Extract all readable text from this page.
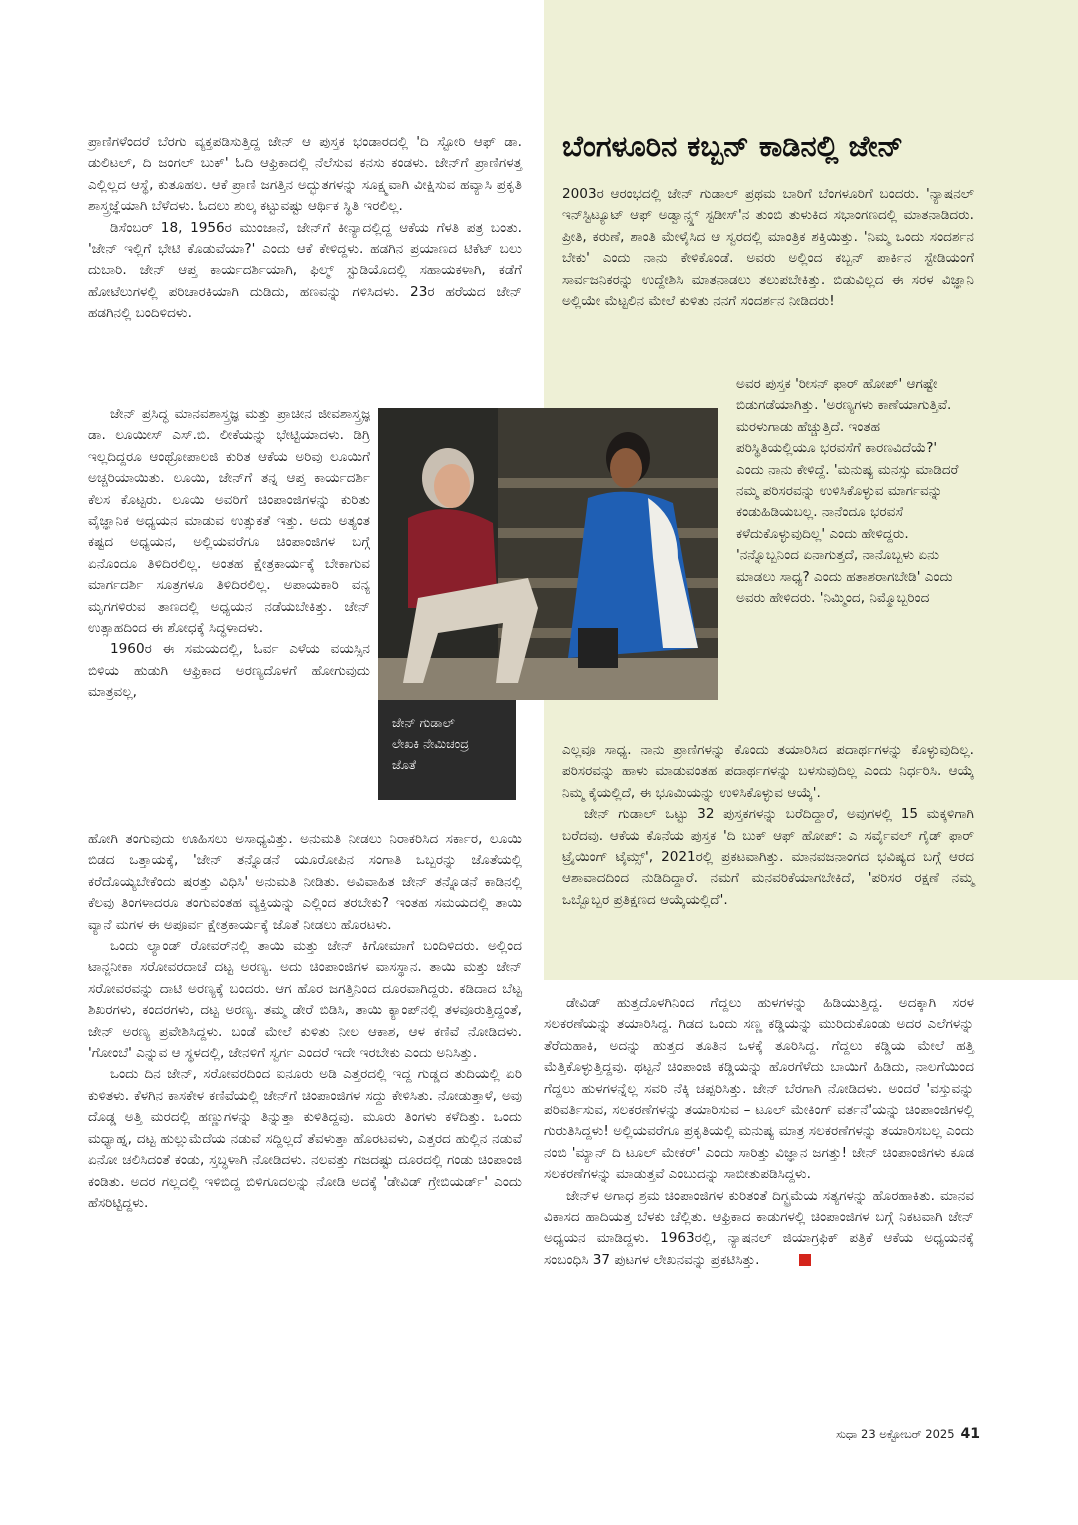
ಪ್ರಾಣಿಗಳೆಂದರೆ ಬೆರಗು ವ್ಯಕ್ತಪಡಿಸುತ್ತಿದ್ದ ಜೇನ್ ಆ ಪುಸ್ತಕ ಭಂಡಾರದಲ್ಲಿ 'ದಿ ಸ್ಟೋರಿ ಆಫ್ ಡಾ. ಡುಲಿಟಲ್, ದಿ ಜಂಗಲ್ ಬುಕ್' ಓದಿ ಆಫ್ರಿಕಾದಲ್ಲಿ ನೆಲೆಸುವ ಕನಸು ಕಂಡಳು. ಜೇನ್‌ಗೆ ಪ್ರಾಣಿಗಳತ್ತ ಎಲ್ಲಿಲ್ಲದ ಆಸ್ಥೆ, ಕುತೂಹಲ. ಆಕೆ ಪ್ರಾಣಿ ಜಗತ್ತಿನ ಅದ್ಭುತಗಳನ್ನು ಸೂಕ್ಷ್ಮವಾಗಿ ವೀಕ್ಷಿಸುವ ಹವ್ಯಾಸಿ ಪ್ರಕೃತಿ ಶಾಸ್ತ್ರಜ್ಞೆಯಾಗಿ ಬೆಳೆದಳು. ಓದಲು ಶುಲ್ಕ ಕಟ್ಟುವಷ್ಟು ಆರ್ಥಿಕ ಸ್ಥಿತಿ ಇರಲಿಲ್ಲ.

ಡಿಸೆಂಬರ್ 18, 1956ರ ಮುಂಜಾನೆ, ಜೇನ್‌ಗೆ ಕೀನ್ಯಾದಲ್ಲಿದ್ದ ಆಕೆಯ ಗೆಳತಿ ಪತ್ರ ಬಂತು. 'ಜೇನ್ ಇಲ್ಲಿಗೆ ಭೇಟಿ ಕೊಡುವೆಯಾ?' ಎಂದು ಆಕೆ ಕೇಳಿದ್ದಳು. ಹಡಗಿನ ಪ್ರಯಾಣದ ಟಿಕೆಟ್ ಬಲು ದುಬಾರಿ. ಜೇನ್ ಆಪ್ತ ಕಾರ್ಯದರ್ಶಿಯಾಗಿ, ಫಿಲ್ಮ್ ಸ್ಟುಡಿಯೊದಲ್ಲಿ ಸಹಾಯಕಳಾಗಿ, ಕಡೆಗೆ ಹೋಟೆಲುಗಳಲ್ಲಿ ಪರಿಚಾರಕಿಯಾಗಿ ದುಡಿದು, ಹಣವನ್ನು ಗಳಿಸಿದಳು. 23ರ ಹರೆಯದ ಜೇನ್ ಹಡಗಿನಲ್ಲಿ ಬಂದಿಳಿದಳು.

ಜೇನ್ ಪ್ರಸಿದ್ಧ ಮಾನವಶಾಸ್ತ್ರಜ್ಞ ಮತ್ತು ಪ್ರಾಚೀನ ಜೀವಶಾಸ್ತ್ರಜ್ಞ ಡಾ. ಲೂಯೀಸ್ ಎಸ್.ಬಿ. ಲೀಕೆಯನ್ನು ಭೇಟ್ಟಿಯಾದಳು. ಡಿಗ್ರಿ ಇಲ್ಲದಿದ್ದರೂ ಆಂಥ್ರೋಪಾಲಜಿ ಕುರಿತ ಆಕೆಯ ಅರಿವು ಲೂಯಿಗೆ ಅಚ್ಚರಿಯಾಯಿತು. ಲೂಯಿ, ಜೇನ್‌ಗೆ ತನ್ನ ಆಪ್ತ ಕಾರ್ಯದರ್ಶಿ ಕೆಲಸ ಕೊಟ್ಟರು. ಲೂಯಿ ಅವರಿಗೆ ಚಿಂಪಾಂಜಿಗಳನ್ನು ಕುರಿತು ವೈಜ್ಞಾನಿಕ ಅಧ್ಯಯನ ಮಾಡುವ ಉತ್ಸುಕತೆ ಇತ್ತು. ಅದು ಅತ್ಯಂತ ಕಷ್ಟದ ಅಧ್ಯಯನ, ಅಲ್ಲಿಯವರೆಗೂ ಚಿಂಪಾಂಜಿಗಳ ಬಗ್ಗೆ ಏನೊಂದೂ ತಿಳಿದಿರಲಿಲ್ಲ. ಅಂತಹ ಕ್ಷೇತ್ರಕಾರ್ಯಕ್ಕೆ ಬೇಕಾಗುವ ಮಾರ್ಗದರ್ಶಿ ಸೂತ್ರಗಳೂ ತಿಳಿದಿರಲಿಲ್ಲ. ಅಪಾಯಕಾರಿ ವನ್ಯ ಮೃಗಗಳಿರುವ ತಾಣದಲ್ಲಿ ಅಧ್ಯಯನ ನಡೆಯಬೇಕಿತ್ತು. ಜೇನ್ ಉತ್ಸಾಹದಿಂದ ಈ ಶೋಧಕ್ಕೆ ಸಿದ್ಧಳಾದಳು.

1960ರ ಈ ಸಮಯದಲ್ಲಿ, ಓರ್ವ ಎಳೆಯ ವಯಸ್ಸಿನ ಬಿಳಿಯ ಹುಡುಗಿ ಆಫ್ರಿಕಾದ ಅರಣ್ಯದೊಳಗೆ ಹೋಗುವುದು ಮಾತ್ರವಲ್ಲ,

ಹೋಗಿ ತಂಗುವುದು ಊಹಿಸಲು ಅಸಾಧ್ಯವಿತ್ತು. ಅನುಮತಿ ನೀಡಲು ನಿರಾಕರಿಸಿದ ಸರ್ಕಾರ, ಲೂಯಿ ಬಿಡದ ಒತ್ತಾಯಕ್ಕೆ, 'ಜೇನ್ ತನ್ನೊಡನೆ ಯೂರೋಪಿನ ಸಂಗಾತಿ ಒಬ್ಬರನ್ನು ಜೊತೆಯಲ್ಲಿ ಕರೆದೊಯ್ಯಬೇಕೆಂದು ಷರತ್ತು ವಿಧಿಸಿ' ಅನುಮತಿ ನೀಡಿತು. ಅವಿವಾಹಿತ ಜೇನ್ ತನ್ನೊಡನೆ ಕಾಡಿನಲ್ಲಿ ಕೆಲವು ತಿಂಗಳಾದರೂ ತಂಗುವಂತಹ ವ್ಯಕ್ತಿಯನ್ನು ಎಲ್ಲಿಂದ ತರಬೇಕು? ಇಂತಹ ಸಮಯದಲ್ಲಿ ತಾಯಿ ವ್ಯಾನೆ ಮಗಳ ಈ ಅಪೂರ್ವ ಕ್ಷೇತ್ರಕಾರ್ಯಕ್ಕೆ ಜೊತೆ ನೀಡಲು ಹೊರಟಳು.

ಒಂದು ಲ್ಯಾಂಡ್ ರೋವರ್‌ನಲ್ಲಿ ತಾಯಿ ಮತ್ತು ಜೇನ್ ಕಿಗೋಮಾಗೆ ಬಂದಿಳಿದರು. ಅಲ್ಲಿಂದ ಟಾನ್ಜನೀಕಾ ಸರೋವರದಾಚೆ ದಟ್ಟ ಅರಣ್ಯ. ಅದು ಚಿಂಪಾಂಜಿಗಳ ವಾಸಸ್ಥಾನ. ತಾಯಿ ಮತ್ತು ಜೇನ್ ಸರೋವರವನ್ನು ದಾಟಿ ಅರಣ್ಯಕ್ಕೆ ಬಂದರು. ಆಗ ಹೊರ ಜಗತ್ತಿನಿಂದ ದೂರವಾಗಿದ್ದರು. ಕಡಿದಾದ ಬೆಟ್ಟ ಶಿಖರಗಳು, ಕಂದರಗಳು, ದಟ್ಟ ಅರಣ್ಯ. ತಮ್ಮ ಡೇರೆ ಬಿಡಿಸಿ, ತಾಯಿ ಕ್ಯಾಂಪ್‌ನಲ್ಲಿ ತಳವೂರುತ್ತಿದ್ದಂತೆ, ಜೇನ್ ಅರಣ್ಯ ಪ್ರವೇಶಿಸಿದ್ದಳು. ಬಂಡೆ ಮೇಲೆ ಕುಳಿತು ನೀಲ ಆಕಾಶ, ಆಳ ಕಣಿವೆ ನೋಡಿದಳು. 'ಗೋಂಬೆ' ಎನ್ನುವ ಆ ಸ್ಥಳದಲ್ಲಿ, ಜೇನಳಿಗೆ ಸ್ವರ್ಗ ಎಂದರೆ ಇದೇ ಇರಬೇಕು ಎಂದು ಅನಿಸಿತ್ತು.

ಒಂದು ದಿನ ಜೇನ್, ಸರೋವರದಿಂದ ಐನೂರು ಅಡಿ ಎತ್ತರದಲ್ಲಿ ಇದ್ದ ಗುಡ್ಡದ ತುದಿಯಲ್ಲಿ ಏರಿ ಕುಳಿತಳು. ಕೆಳಗಿನ ಕಾಸಕೇಳ ಕಣಿವೆಯಲ್ಲಿ ಜೇನ್‌ಗೆ ಚಿಂಪಾಂಜಿಗಳ ಸದ್ದು ಕೇಳಿಸಿತು. ನೋಡುತ್ತಾಳೆ, ಅವು ದೊಡ್ಡ ಅತ್ತಿ ಮರದಲ್ಲಿ ಹಣ್ಣುಗಳನ್ನು ತಿನ್ನುತ್ತಾ ಕುಳಿತಿದ್ದವು. ಮೂರು ತಿಂಗಳು ಕಳೆದಿತ್ತು. ಒಂದು ಮಧ್ಯಾಹ್ನ, ದಟ್ಟ ಹುಲ್ಲುಮೆದೆಯ ನಡುವೆ ಸದ್ದಿಲ್ಲದೆ ತೆವಳುತ್ತಾ ಹೊರಟವಳು, ಎತ್ತರದ ಹುಲ್ಲಿನ ನಡುವೆ ಏನೋ ಚಲಿಸಿದಂತೆ ಕಂಡು, ಸ್ತಬ್ಧಳಾಗಿ ನೋಡಿದಳು. ನಲವತ್ತು ಗಜದಷ್ಟು ದೂರದಲ್ಲಿ ಗಂಡು ಚಿಂಪಾಂಜಿ ಕಂಡಿತು. ಅದರ ಗಲ್ಲದಲ್ಲಿ ಇಳಿಬಿದ್ದ ಬಿಳಿಗೂದಲನ್ನು ನೋಡಿ ಅದಕ್ಕೆ 'ಡೇವಿಡ್ ಗ್ರೇಬಿಯರ್ಡ್' ಎಂದು ಹೆಸರಿಟ್ಟಿದ್ದಳು.

ಬೆಂಗಳೂರಿನ ಕಬ್ಬನ್ ಕಾಡಿನಲ್ಲಿ ಜೇನ್

2003ರ ಆರಂಭದಲ್ಲಿ ಜೇನ್ ಗುಡಾಲ್ ಪ್ರಥಮ ಬಾರಿಗೆ ಬೆಂಗಳೂರಿಗೆ ಬಂದರು. 'ನ್ಯಾಷನಲ್ ಇನ್‌ಸ್ಟಿಟ್ಯೂಟ್ ಆಫ್ ಅಡ್ವಾನ್ಸ್ಡ್ ಸ್ಟಡೀಸ್'ನ ತುಂಬಿ ತುಳುಕಿದ ಸಭಾಂಗಣದಲ್ಲಿ ಮಾತನಾಡಿದರು. ಪ್ರೀತಿ, ಕರುಣೆ, ಶಾಂತಿ ಮೇಳೈಸಿದ ಆ ಸ್ವರದಲ್ಲಿ ಮಾಂತ್ರಿಕ ಶಕ್ತಿಯಿತ್ತು. 'ನಿಮ್ಮ ಒಂದು ಸಂದರ್ಶನ ಬೇಕು' ಎಂದು ನಾನು ಕೇಳಿಕೊಂಡೆ. ಅವರು ಅಲ್ಲಿಂದ ಕಬ್ಬನ್ ಪಾರ್ಕಿನ ಸ್ಟೇಡಿಯಂಗೆ ಸಾರ್ವಜನಿಕರನ್ನು ಉದ್ದೇಶಿಸಿ ಮಾತನಾಡಲು ತಲುಪಬೇಕಿತ್ತು. ಬಿಡುವಿಲ್ಲದ ಈ ಸರಳ ವಿಜ್ಞಾನಿ ಅಲ್ಲಿಯೇ ಮೆಟ್ಟಲಿನ ಮೇಲೆ ಕುಳಿತು ನನಗೆ ಸಂದರ್ಶನ ನೀಡಿದರು!

ಅವರ ಪುಸ್ತಕ 'ರೀಸನ್ ಫಾರ್ ಹೋಪ್' ಆಗಷ್ಟೇ ಬಿಡುಗಡೆಯಾಗಿತ್ತು. 'ಅರಣ್ಯಗಳು ಕಾಣೆಯಾಗುತ್ತಿವೆ. ಮರಳುಗಾಡು ಹೆಚ್ಚುತ್ತಿದೆ. ಇಂತಹ ಪರಿಸ್ಥಿತಿಯಲ್ಲಿಯೂ ಭರವಸೆಗೆ ಕಾರಣವಿದೆಯೆ?' ಎಂದು ನಾನು ಕೇಳಿದ್ದೆ. 'ಮನುಷ್ಯ ಮನಸ್ಸು ಮಾಡಿದರೆ ನಮ್ಮ ಪರಿಸರವನ್ನು ಉಳಿಸಿಕೊಳ್ಳುವ ಮಾರ್ಗವನ್ನು ಕಂಡುಹಿಡಿಯಬಲ್ಲ. ನಾನೆಂದೂ ಭರವಸೆ ಕಳೆದುಕೊಳ್ಳುವುದಿಲ್ಲ' ಎಂದು ಹೇಳಿದ್ದರು. 'ನನ್ನೊಬ್ಬನಿಂದ ಏನಾಗುತ್ತದೆ, ನಾನೊಬ್ಬಳು ಏನು ಮಾಡಲು ಸಾಧ್ಯ? ಎಂದು ಹತಾಶರಾಗಬೇಡಿ' ಎಂದು ಅವರು ಹೇಳಿದರು. 'ನಿಮ್ಮಿಂದ, ನಿಮ್ಮೊಬ್ಬರಿಂದ

ಎಲ್ಲವೂ ಸಾಧ್ಯ. ನಾನು ಪ್ರಾಣಿಗಳನ್ನು ಕೊಂದು ತಯಾರಿಸಿದ ಪದಾರ್ಥಗಳನ್ನು ಕೊಳ್ಳುವುದಿಲ್ಲ. ಪರಿಸರವನ್ನು ಹಾಳು ಮಾಡುವಂತಹ ಪದಾರ್ಥಗಳನ್ನು ಬಳಸುವುದಿಲ್ಲ ಎಂದು ನಿರ್ಧರಿಸಿ. ಆಯ್ಕೆ ನಿಮ್ಮ ಕೈಯಲ್ಲಿದೆ, ಈ ಭೂಮಿಯನ್ನು ಉಳಿಸಿಕೊಳ್ಳುವ ಆಯ್ಕೆ'.

ಜೇನ್ ಗುಡಾಲ್ ಒಟ್ಟು 32 ಪುಸ್ತಕಗಳನ್ನು ಬರೆದಿದ್ದಾರೆ, ಅವುಗಳಲ್ಲಿ 15 ಮಕ್ಕಳಿಗಾಗಿ ಬರೆದವು. ಆಕೆಯ ಕೊನೆಯ ಪುಸ್ತಕ 'ದಿ ಬುಕ್ ಆಫ್ ಹೋಪ್: ಎ ಸರ್ವೈವಲ್ ಗೈಡ್ ಫಾರ್ ಟ್ರೈಯಿಂಗ್ ಟೈಮ್ಸ್', 2021ರಲ್ಲಿ ಪ್ರಕಟವಾಗಿತ್ತು. ಮಾನವಜನಾಂಗದ ಭವಿಷ್ಯದ ಬಗ್ಗೆ ಆರದ ಆಶಾವಾದದಿಂದ ನುಡಿದಿದ್ದಾರೆ. ನಮಗೆ ಮನವರಿಕೆಯಾಗಬೇಕಿದೆ, 'ಪರಿಸರ ರಕ್ಷಣೆ ನಮ್ಮ ಒಬ್ಬೊಬ್ಬರ ಪ್ರತಿಕ್ಷಣದ ಆಯ್ಕೆಯಲ್ಲಿದೆ'.

ಜೇನ್ ಗುಡಾಲ್
ಲೇಖಕಿ ನೇಮಿಚಂದ್ರ
ಜೊತೆ

ಡೇವಿಡ್ ಹುತ್ತದೊಳಗಿನಿಂದ ಗೆದ್ದಲು ಹುಳಗಳನ್ನು ಹಿಡಿಯುತ್ತಿದ್ದ. ಅದಕ್ಕಾಗಿ ಸರಳ ಸಲಕರಣೆಯನ್ನು ತಯಾರಿಸಿದ್ದ. ಗಿಡದ ಒಂದು ಸಣ್ಣ ಕಡ್ಡಿಯನ್ನು ಮುರಿದುಕೊಂಡು ಅದರ ಎಲೆಗಳನ್ನು ತೆರೆದುಹಾಕಿ, ಅದನ್ನು ಹುತ್ತದ ತೂತಿನ ಒಳಕ್ಕೆ ತೂರಿಸಿದ್ದ. ಗೆದ್ದಲು ಕಡ್ಡಿಯ ಮೇಲೆ ಹತ್ತಿ ಮೆತ್ತಿಕೊಳ್ಳುತ್ತಿದ್ದವು. ಥಟ್ಟನೆ ಚಿಂಪಾಂಜಿ ಕಡ್ಡಿಯನ್ನು ಹೊರಗೆಳೆದು ಬಾಯಿಗೆ ಹಿಡಿದು, ನಾಲಗೆಯಿಂದ ಗೆದ್ದಲು ಹುಳಗಳನ್ನೆಲ್ಲ ಸವರಿ ನೆಕ್ಕಿ ಚಪ್ಪರಿಸಿತ್ತು. ಜೇನ್ ಬೆರಗಾಗಿ ನೋಡಿದಳು. ಅಂದರೆ 'ವಸ್ತುವನ್ನು ಪರಿವರ್ತಿಸುವ, ಸಲಕರಣೆಗಳನ್ನು ತಯಾರಿಸುವ – ಟೂಲ್ ಮೇಕಿಂಗ್ ವರ್ತನೆ'ಯನ್ನು ಚಿಂಪಾಂಜಿಗಳಲ್ಲಿ ಗುರುತಿಸಿದ್ದಳು! ಅಲ್ಲಿಯವರೆಗೂ ಪ್ರಕೃತಿಯಲ್ಲಿ ಮನುಷ್ಯ ಮಾತ್ರ ಸಲಕರಣೆಗಳನ್ನು ತಯಾರಿಸಬಲ್ಲ ಎಂದು ನಂಬಿ 'ಮ್ಯಾನ್ ದಿ ಟೂಲ್ ಮೇಕರ್' ಎಂದು ಸಾರಿತ್ತು ವಿಜ್ಞಾನ ಜಗತ್ತು! ಜೇನ್ ಚಿಂಪಾಂಜಿಗಳು ಕೂಡ ಸಲಕರಣೆಗಳನ್ನು ಮಾಡುತ್ತವೆ ಎಂಬುದನ್ನು ಸಾಬೀತುಪಡಿಸಿದ್ದಳು.

ಜೇನ್‌ಳ ಅಗಾಧ ಶ್ರಮ ಚಿಂಪಾಂಜಿಗಳ ಕುರಿತಂತೆ ದಿಗ್ಭ್ರಮೆಯ ಸತ್ಯಗಳನ್ನು ಹೊರಹಾಕಿತು. ಮಾನವ ವಿಕಾಸದ ಹಾದಿಯತ್ತ ಬೆಳಕು ಚೆಲ್ಲಿತು. ಆಫ್ರಿಕಾದ ಕಾಡುಗಳಲ್ಲಿ ಚಿಂಪಾಂಜಿಗಳ ಬಗ್ಗೆ ನಿಕಟವಾಗಿ ಜೇನ್ ಅಧ್ಯಯನ ಮಾಡಿದ್ದಳು. 1963ರಲ್ಲಿ, ನ್ಯಾಷನಲ್ ಜಿಯಾಗ್ರಫಿಕ್ ಪತ್ರಿಕೆ ಆಕೆಯ ಅಧ್ಯಯನಕ್ಕೆ ಸಂಬಂಧಿಸಿ 37 ಪುಟಗಳ ಲೇಖನವನ್ನು ಪ್ರಕಟಿಸಿತ್ತು.

ಸುಧಾ 23 ಅಕ್ಟೋಬರ್ 2025 41
